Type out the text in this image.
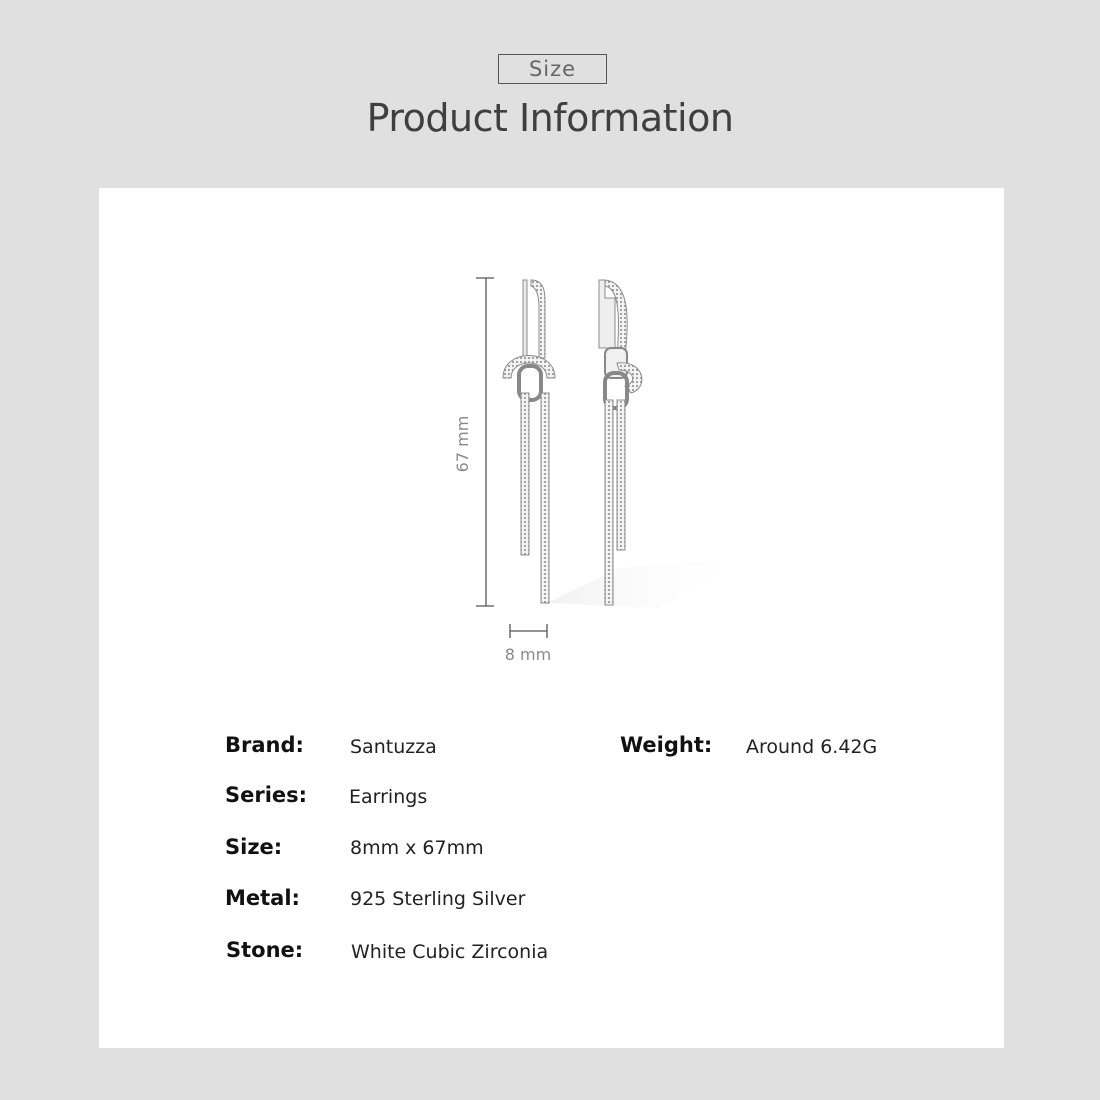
Size
Product Information
67 mm
8 mm
Brand: Santuzza	Weight: Around 6.42G
Series: Earrings
Size:	8mm x 67mm
Metal:	925 Sterling Silver
Stone:	White Cubic Zirconia
